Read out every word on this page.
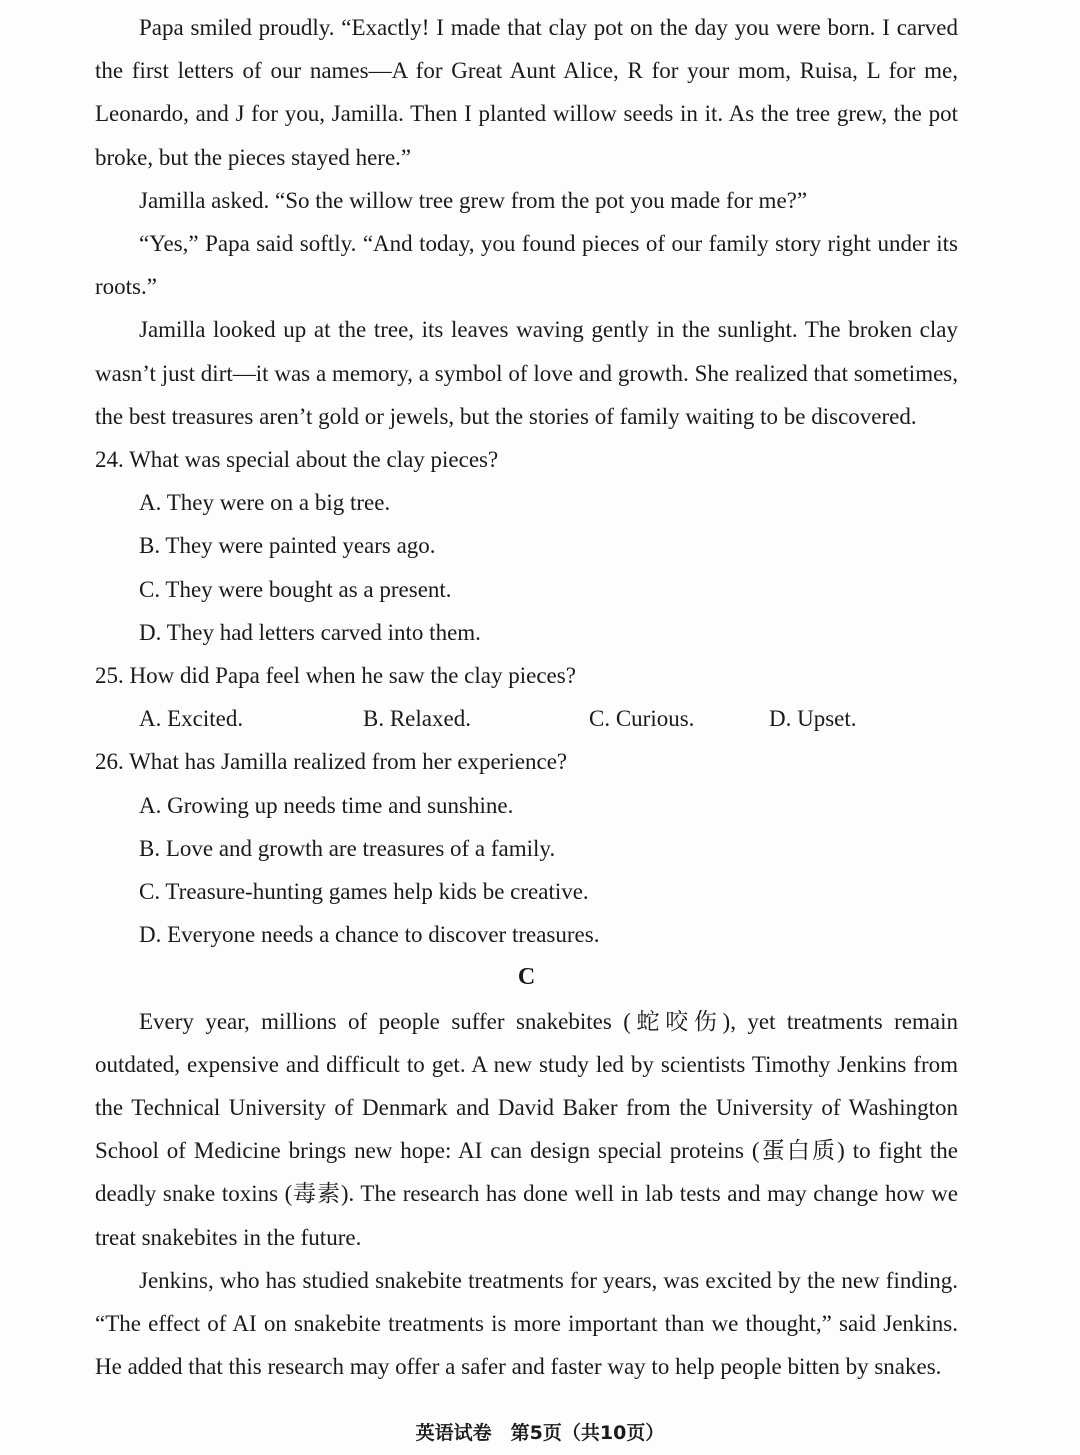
Papa smiled proudly. “Exactly! I made that clay pot on the day you were born. I carved the first letters of our names—A for Great Aunt Alice, R for your mom, Ruisa, L for me, Leonardo, and J for you, Jamilla. Then I planted willow seeds in it. As the tree grew, the pot broke, but the pieces stayed here.”

Jamilla asked. “So the willow tree grew from the pot you made for me?”

“Yes,” Papa said softly. “And today, you found pieces of our family story right under its roots.”

Jamilla looked up at the tree, its leaves waving gently in the sunlight. The broken clay wasn’t just dirt—it was a memory, a symbol of love and growth. She realized that sometimes, the best treasures aren’t gold or jewels, but the stories of family waiting to be discovered.

24. What was special about the clay pieces?

A. They were on a big tree.

B. They were painted years ago.

C. They were bought as a present.

D. They had letters carved into them.

25. How did Papa feel when he saw the clay pieces?

A. Excited.	B. Relaxed.	C. Curious.	D. Upset.

26. What has Jamilla realized from her experience?

A. Growing up needs time and sunshine.

B. Love and growth are treasures of a family.

C. Treasure-hunting games help kids be creative.

D. Everyone needs a chance to discover treasures.

C

Every year, millions of people suffer snakebites (蛇咬伤), yet treatments remain outdated, expensive and difficult to get. A new study led by scientists Timothy Jenkins from the Technical University of Denmark and David Baker from the University of Washington School of Medicine brings new hope: AI can design special proteins (蛋白质) to fight the deadly snake toxins (毒素). The research has done well in lab tests and may change how we treat snakebites in the future.

Jenkins, who has studied snakebite treatments for years, was excited by the new finding. “The effect of AI on snakebite treatments is more important than we thought,” said Jenkins. He added that this research may offer a safer and faster way to help people bitten by snakes.

英语试卷　第5页（共10页）
